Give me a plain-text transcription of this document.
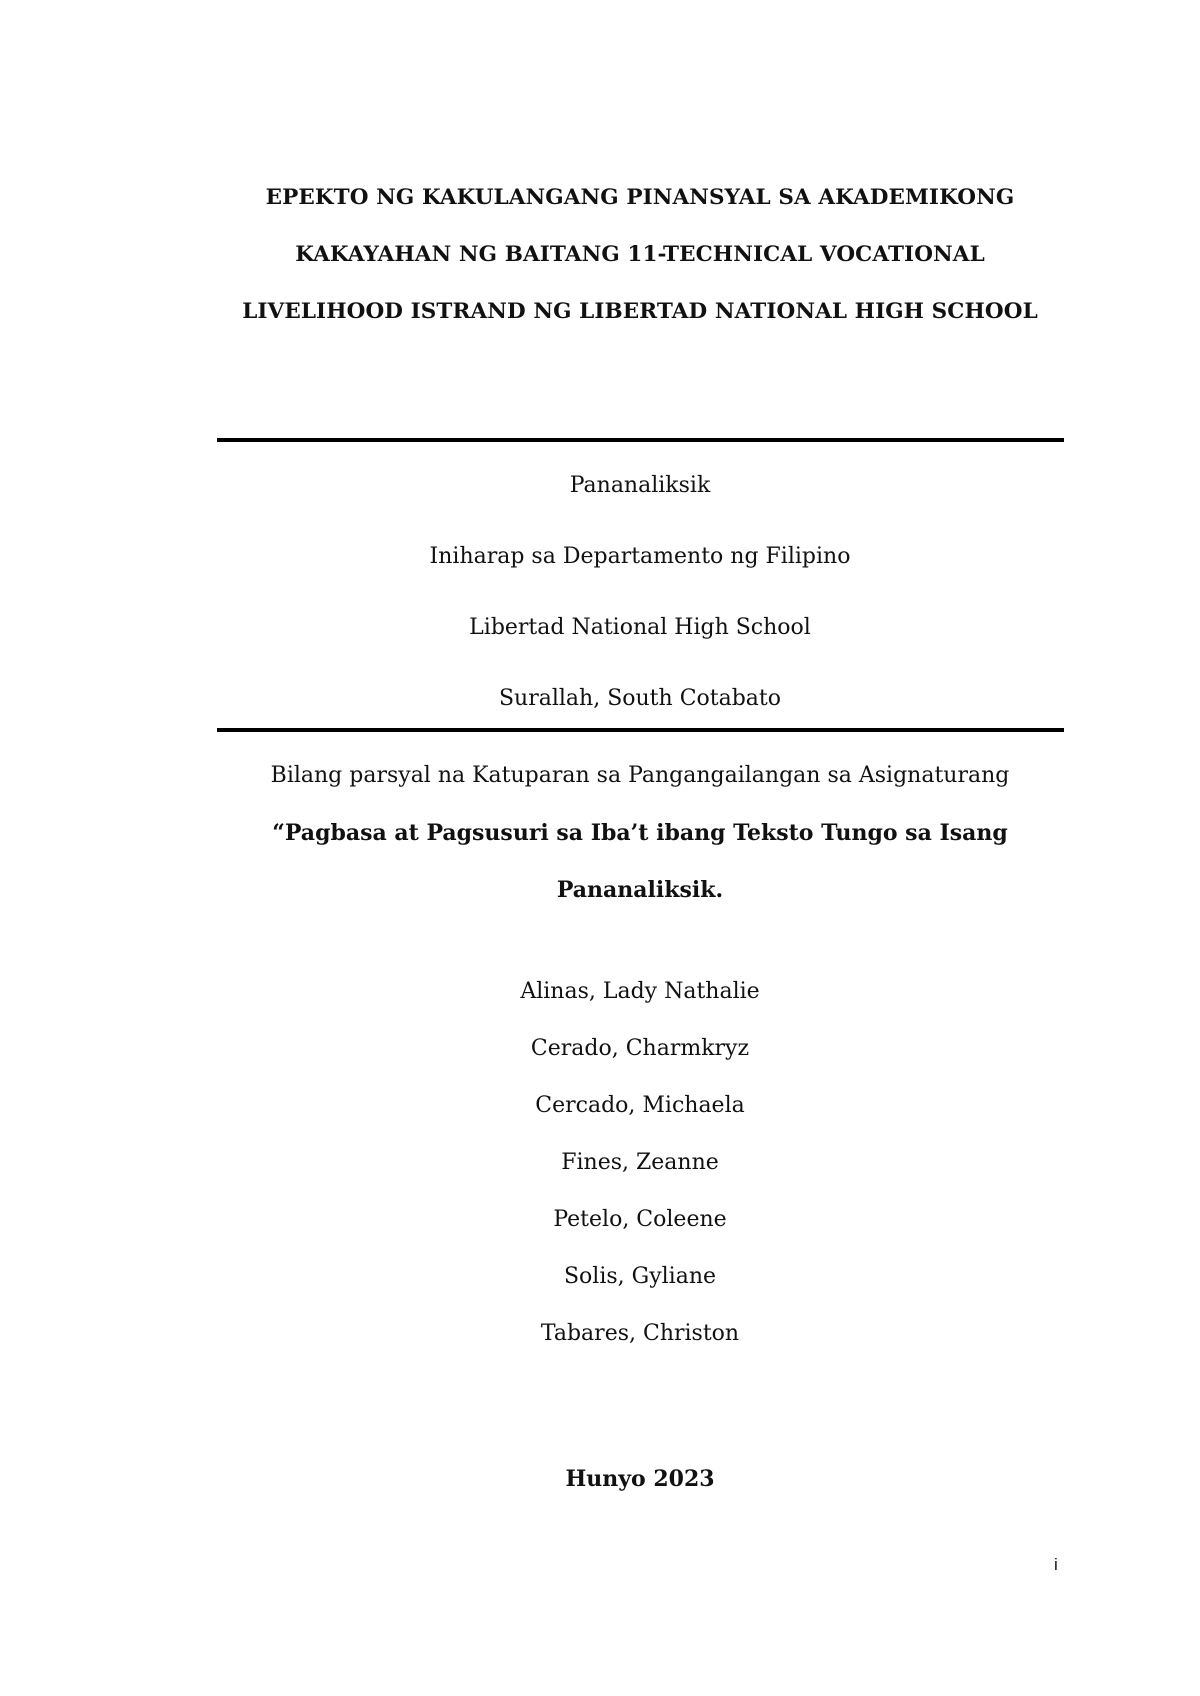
EPEKTO NG KAKULANGANG PINANSYAL SA AKADEMIKONG
KAKAYAHAN NG BAITANG 11-TECHNICAL VOCATIONAL
LIVELIHOOD ISTRAND NG LIBERTAD NATIONAL HIGH SCHOOL
Pananaliksik
Iniharap sa Departamento ng Filipino
Libertad National High School
Surallah, South Cotabato
Bilang parsyal na Katuparan sa Pangangailangan sa Asignaturang
“Pagbasa at Pagsusuri sa Iba’t ibang Teksto Tungo sa Isang
Pananaliksik.
Alinas, Lady Nathalie
Cerado, Charmkryz
Cercado, Michaela
Fines, Zeanne
Petelo, Coleene
Solis, Gyliane
Tabares, Christon
Hunyo 2023
i
